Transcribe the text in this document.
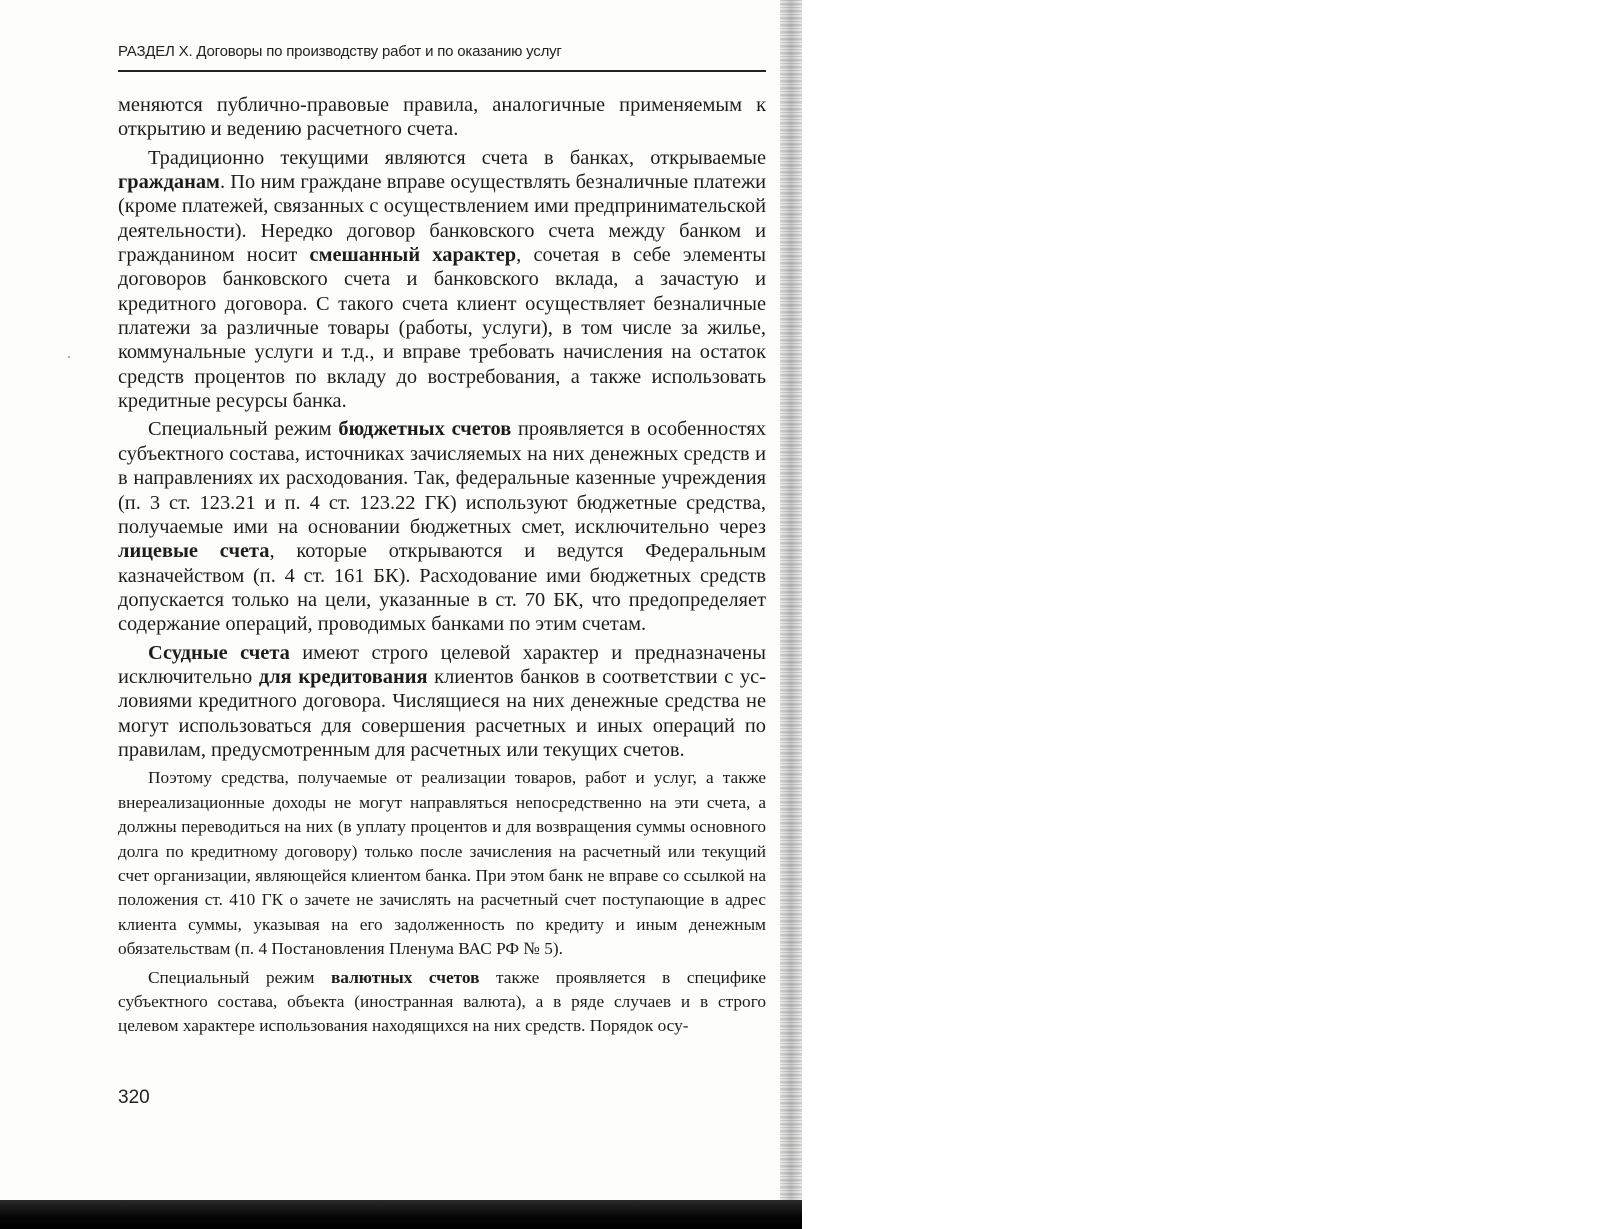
РАЗДЕЛ X. Договоры по производству работ и по оказанию услуг

меняются публично-правовые правила, аналогичные применяемым к открытию и ведению расчетного счета.

Традиционно текущими являются счета в банках, открываемые гражданам. По ним граждане вправе осуществлять безналичные платежи (кроме платежей, связанных с осуществлением ими предпринимательской деятельности). Нередко договор банковского счета между банком и гражданином носит смешанный характер, сочетая в себе элементы договоров банковского счета и банковского вклада, а зачастую и кредитного договора. С такого счета клиент осуществляет безналичные платежи за различные товары (работы, услуги), в том числе за жилье, коммунальные услуги и т.д., и вправе требовать начисления на остаток средств процентов по вкладу до востребования, а также использовать кредитные ресурсы банка.

Специальный режим бюджетных счетов проявляется в особенностях субъектного состава, источниках зачисляемых на них денежных средств и в направлениях их расходования. Так, федеральные казенные учреждения (п. 3 ст. 123.21 и п. 4 ст. 123.22 ГК) используют бюджетные средства, получаемые ими на основании бюджетных смет, исключительно через лицевые счета, которые открываются и ведутся Федеральным казначейством (п. 4 ст. 161 БК). Расходование ими бюджетных средств допускается только на цели, указанные в ст. 70 БК, что предопределяет содержание операций, проводимых банками по этим счетам.

Ссудные счета имеют строго целевой характер и предназначены исключительно для кредитования клиентов банков в соответствии с условиями кредитного договора. Числящиеся на них денежные средства не могут использоваться для совершения расчетных и иных операций по правилам, предусмотренным для расчетных или текущих счетов.

Поэтому средства, получаемые от реализации товаров, работ и услуг, а также внереализационные доходы не могут направляться непосредственно на эти счета, а должны переводиться на них (в уплату процентов и для возвращения суммы основного долга по кредитному договору) только после зачисления на расчетный или текущий счет организации, являющейся клиентом банка. При этом банк не вправе со ссылкой на положения ст. 410 ГК о зачете не зачислять на расчетный счет поступающие в адрес клиента суммы, указывая на его задолженность по кредиту и иным денежным обязательствам (п. 4 Постановления Пленума ВАС РФ № 5).

Специальный режим валютных счетов также проявляется в специфике субъектного состава, объекта (иностранная валюта), а в ряде случаев и в строго целевом характере использования находящихся на них средств. Порядок осу-

320
